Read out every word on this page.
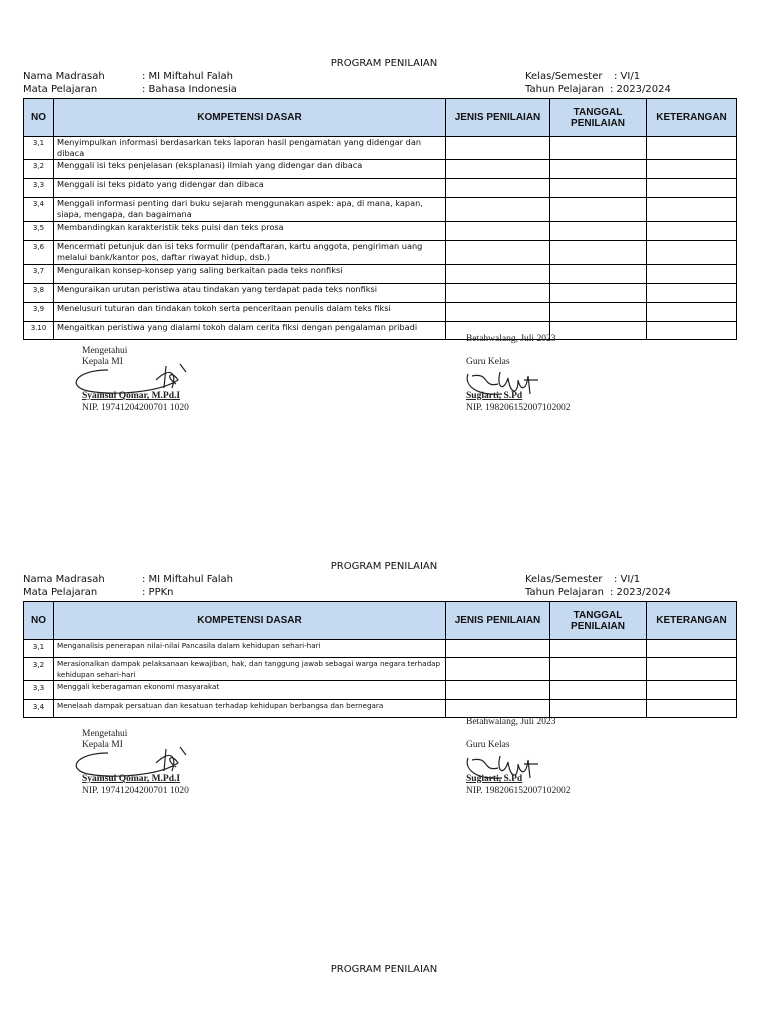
PROGRAM PENILAIAN
Nama Madrasah	: MI Miftahul Falah
Mata Pelajaran	: Bahasa Indonesia
Kelas/Semester : VI/1
Tahun Pelajaran : 2023/2024
NO	KOMPETENSI DASAR	JENIS PENILAIAN	TANGGAL PENILAIAN	KETERANGAN
3,1	Menyimpulkan informasi berdasarkan teks laporan hasil pengamatan yang didengar dan dibaca			
3,2	Menggali isi teks penjelasan (eksplanasi) ilmiah yang didengar dan dibaca			
3,3	Menggali isi teks pidato yang didengar dan dibaca			
3,4	Menggali informasi penting dari buku sejarah menggunakan aspek: apa, di mana, kapan, siapa, mengapa, dan bagaimana			
3,5	Membandingkan karakteristik teks puisi dan teks prosa			
3,6	Mencermati petunjuk dan isi teks formulir (pendaftaran, kartu anggota, pengiriman uang melalui bank/kantor pos, daftar riwayat hidup, dsb.)			
3,7	Menguraikan konsep-konsep yang saling berkaitan pada teks nonfiksi			
3,8	Menguraikan urutan peristiwa atau tindakan yang terdapat pada teks nonfiksi			
3,9	Menelusuri tuturan dan tindakan tokoh serta penceritaan penulis dalam teks fiksi			
3.10	Mengaitkan peristiwa yang dialami tokoh dalam cerita fiksi dengan pengalaman pribadi			
Betahwalang, Juli 2023
Mengetahui
Kepala MI	Guru Kelas
Syamsul Qomar, M.Pd.I	Sugiarti, S.Pd
NIP. 19741204200701 1020	NIP. 198206152007102002
PROGRAM PENILAIAN
Nama Madrasah	: MI Miftahul Falah
Mata Pelajaran	: PPKn
Kelas/Semester : VI/1
Tahun Pelajaran : 2023/2024
NO	KOMPETENSI DASAR	JENIS PENILAIAN	TANGGAL PENILAIAN	KETERANGAN
3,1	Menganalisis penerapan nilai-nilai Pancasila dalam kehidupan sehari-hari			
3,2	Merasionalkan dampak pelaksanaan kewajiban, hak, dan tanggung jawab sebagai warga negara terhadap kehidupan sehari-hari			
3,3	Menggali keberagaman ekonomi masyarakat			
3,4	Menelaah dampak persatuan dan kesatuan terhadap kehidupan berbangsa dan bernegara			
Betahwalang, Juli 2023
Mengetahui
Kepala MI	Guru Kelas
Syamsul Qomar, M.Pd.I	Sugiarti, S.Pd
NIP. 19741204200701 1020	NIP. 198206152007102002
PROGRAM PENILAIAN
